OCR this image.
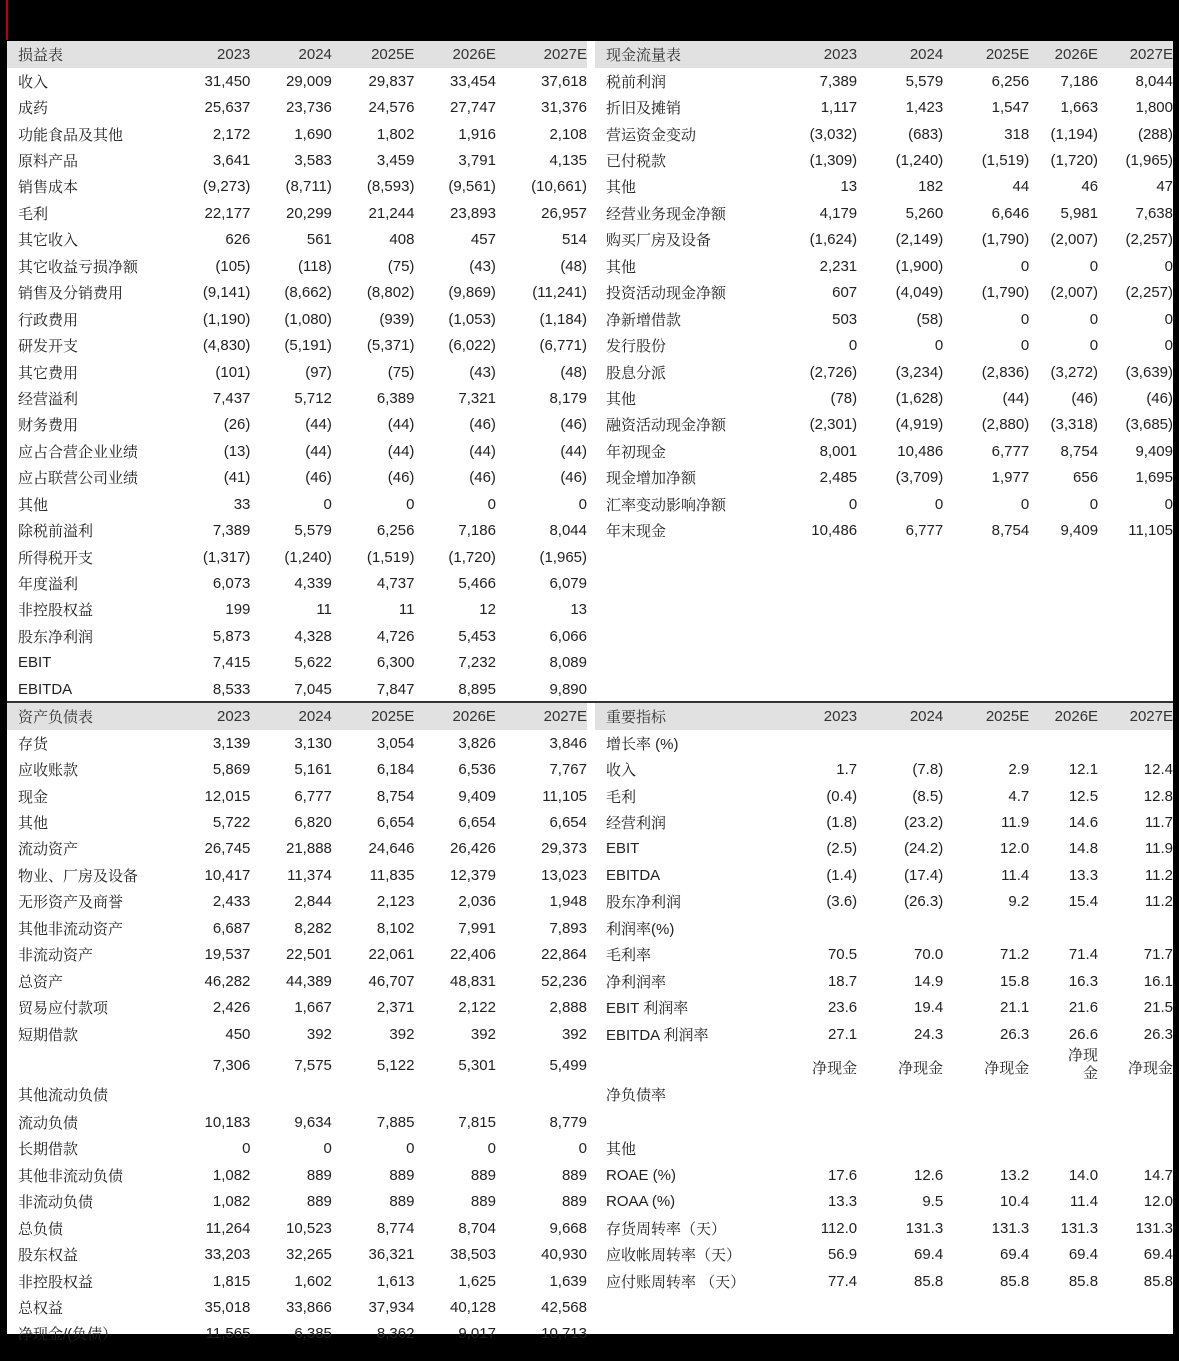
损益表	2023	2024	2025E	2026E	2027E
收入	31,450	29,009	29,837	33,454	37,618
成药	25,637	23,736	24,576	27,747	31,376
功能食品及其他	2,172	1,690	1,802	1,916	2,108
原料产品	3,641	3,583	3,459	3,791	4,135
销售成本	(9,273)	(8,711)	(8,593)	(9,561)	(10,661)
毛利	22,177	20,299	21,244	23,893	26,957
其它收入	626	561	408	457	514
其它收益亏损净额	(105)	(118)	(75)	(43)	(48)
销售及分销费用	(9,141)	(8,662)	(8,802)	(9,869)	(11,241)
行政费用	(1,190)	(1,080)	(939)	(1,053)	(1,184)
研发开支	(4,830)	(5,191)	(5,371)	(6,022)	(6,771)
其它费用	(101)	(97)	(75)	(43)	(48)
经营溢利	7,437	5,712	6,389	7,321	8,179
财务费用	(26)	(44)	(44)	(46)	(46)
应占合营企业业绩	(13)	(44)	(44)	(44)	(44)
应占联营公司业绩	(41)	(46)	(46)	(46)	(46)
其他	33	0	0	0	0
除税前溢利	7,389	5,579	6,256	7,186	8,044
所得税开支	(1,317)	(1,240)	(1,519)	(1,720)	(1,965)
年度溢利	6,073	4,339	4,737	5,466	6,079
非控股权益	199	11	11	12	13
股东净利润	5,873	4,328	4,726	5,453	6,066
EBIT	7,415	5,622	6,300	7,232	8,089
EBITDA	8,533	7,045	7,847	8,895	9,890
现金流量表	2023	2024	2025E	2026E	2027E
税前利润	7,389	5,579	6,256	7,186	8,044
折旧及摊销	1,117	1,423	1,547	1,663	1,800
营运资金变动	(3,032)	(683)	318	(1,194)	(288)
已付税款	(1,309)	(1,240)	(1,519)	(1,720)	(1,965)
其他	13	182	44	46	47
经营业务现金净额	4,179	5,260	6,646	5,981	7,638
购买厂房及设备	(1,624)	(2,149)	(1,790)	(2,007)	(2,257)
其他	2,231	(1,900)	0	0	0
投资活动现金净额	607	(4,049)	(1,790)	(2,007)	(2,257)
净新增借款	503	(58)	0	0	0
发行股份	0	0	0	0	0
股息分派	(2,726)	(3,234)	(2,836)	(3,272)	(3,639)
其他	(78)	(1,628)	(44)	(46)	(46)
融资活动现金净额	(2,301)	(4,919)	(2,880)	(3,318)	(3,685)
年初现金	8,001	10,486	6,777	8,754	9,409
现金增加净额	2,485	(3,709)	1,977	656	1,695
汇率变动影响净额	0	0	0	0	0
年末现金	10,486	6,777	8,754	9,409	11,105
资产负债表	2023	2024	2025E	2026E	2027E
存货	3,139	3,130	3,054	3,826	3,846
应收账款	5,869	5,161	6,184	6,536	7,767
现金	12,015	6,777	8,754	9,409	11,105
其他	5,722	6,820	6,654	6,654	6,654
流动资产	26,745	21,888	24,646	26,426	29,373
物业、厂房及设备	10,417	11,374	11,835	12,379	13,023
无形资产及商誉	2,433	2,844	2,123	2,036	1,948
其他非流动资产	6,687	8,282	8,102	7,991	7,893
非流动资产	19,537	22,501	22,061	22,406	22,864
总资产	46,282	44,389	46,707	48,831	52,236
贸易应付款项	2,426	1,667	2,371	2,122	2,888
短期借款	450	392	392	392	392
其他流动负债	7,306	7,575	5,122	5,301	5,499
流动负债	10,183	9,634	7,885	7,815	8,779
长期借款	0	0	0	0	0
其他非流动负债	1,082	889	889	889	889
非流动负债	1,082	889	889	889	889
总负债	11,264	10,523	8,774	8,704	9,668
股东权益	33,203	32,265	36,321	38,503	40,930
非控股权益	1,815	1,602	1,613	1,625	1,639
总权益	35,018	33,866	37,934	40,128	42,568
净现金/(负债）	11,565	6,385	8,362	9,017	10,713
重要指标	2023	2024	2025E	2026E	2027E
增长率 (%)					
收入	1.7	(7.8)	2.9	12.1	12.4
毛利	(0.4)	(8.5)	4.7	12.5	12.8
经营利润	(1.8)	(23.2)	11.9	14.6	11.7
EBIT	(2.5)	(24.2)	12.0	14.8	11.9
EBITDA	(1.4)	(17.4)	11.4	13.3	11.2
股东净利润	(3.6)	(26.3)	9.2	15.4	11.2
利润率(%)					
毛利率	70.5	70.0	71.2	71.4	71.7
净利润率	18.7	14.9	15.8	16.3	16.1
EBIT 利润率	23.6	19.4	21.1	21.6	21.5
EBITDA 利润率	27.1	24.3	26.3	26.6	26.3
净负债率	净现金	净现金	净现金	净现金	净现金

其他					
ROAE (%)	17.6	12.6	13.2	14.0	14.7
ROAA (%)	13.3	9.5	10.4	11.4	12.0
存货周转率（天）	112.0	131.3	131.3	131.3	131.3
应收帐周转率（天）	56.9	69.4	69.4	69.4	69.4
应付账周转率 （天）	77.4	85.8	85.8	85.8	85.8
